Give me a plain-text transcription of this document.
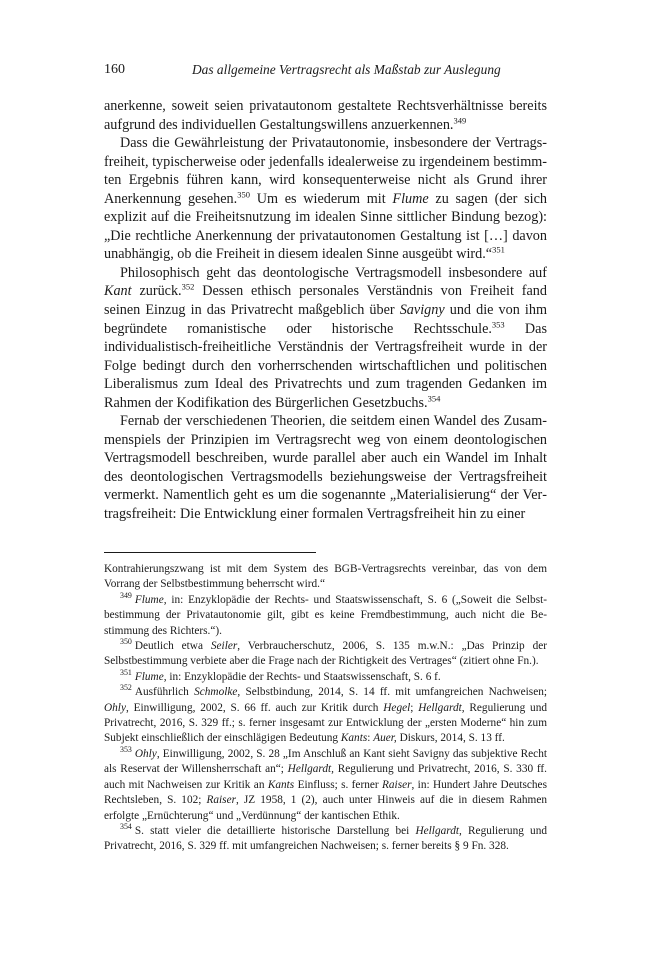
160	Das allgemeine Vertragsrecht als Maßstab zur Auslegung

anerkenne, soweit seien privatautonom gestaltete Rechtsverhältnisse bereits aufgrund des individuellen Gestaltungswillens anzuerkennen.$^{349}$

Dass die Gewährleistung der Privatautonomie, insbesondere der Vertragsfreiheit, typischerweise oder jedenfalls idealerweise zu irgendeinem bestimmten Ergebnis führen kann, wird konsequenterweise nicht als Grund ihrer Anerkennung gesehen.$^{350}$ Um es wiederum mit Flume zu sagen (der sich explizit auf die Freiheitsnutzung im idealen Sinne sittlicher Bindung bezog): „Die rechtliche Anerkennung der privatautonomen Gestaltung ist […] davon unabhängig, ob die Freiheit in diesem idealen Sinne ausgeübt wird.“$^{351}$

Philosophisch geht das deontologische Vertragsmodell insbesondere auf Kant zurück.$^{352}$ Dessen ethisch personales Verständnis von Freiheit fand seinen Einzug in das Privatrecht maßgeblich über Savigny und die von ihm begründete romanistische oder historische Rechtsschule.$^{353}$ Das individualistisch-freiheitliche Verständnis der Vertragsfreiheit wurde in der Folge bedingt durch den vorherrschenden wirtschaftlichen und politischen Liberalismus zum Ideal des Privatrechts und zum tragenden Gedanken im Rahmen der Kodifikation des Bürgerlichen Gesetzbuchs.$^{354}$

Fernab der verschiedenen Theorien, die seitdem einen Wandel des Zusammenspiels der Prinzipien im Vertragsrecht weg von einem deontologischen Vertragsmodell beschreiben, wurde parallel aber auch ein Wandel im Inhalt des deontologischen Vertragsmodells beziehungsweise der Vertragsfreiheit vermerkt. Namentlich geht es um die sogenannte „Materialisierung“ der Vertragsfreiheit: Die Entwicklung einer formalen Vertragsfreiheit hin zu einer

Kontrahierungszwang ist mit dem System des BGB-Vertragsrechts vereinbar, das von dem Vorrang der Selbstbestimmung beherrscht wird.“

$^{349}$ Flume, in: Enzyklopädie der Rechts- und Staatswissenschaft, S. 6 („Soweit die Selbstbestimmung der Privatautonomie gilt, gibt es keine Fremdbestimmung, auch nicht die Bestimmung des Richters.“).

$^{350}$ Deutlich etwa Seiler, Verbraucherschutz, 2006, S. 135 m.w.N.: „Das Prinzip der Selbstbestimmung verbiete aber die Frage nach der Richtigkeit des Vertrages“ (zitiert ohne Fn.).

$^{351}$ Flume, in: Enzyklopädie der Rechts- und Staatswissenschaft, S. 6 f.

$^{352}$ Ausführlich Schmolke, Selbstbindung, 2014, S. 14 ff. mit umfangreichen Nachweisen; Ohly, Einwilligung, 2002, S. 66 ff. auch zur Kritik durch Hegel; Hellgardt, Regulierung und Privatrecht, 2016, S. 329 ff.; s. ferner insgesamt zur Entwicklung der „ersten Moderne“ hin zum Subjekt einschließlich der einschlägigen Bedeutung Kants: Auer, Diskurs, 2014, S. 13 ff.

$^{353}$ Ohly, Einwilligung, 2002, S. 28 „Im Anschluß an Kant sieht Savigny das subjektive Recht als Reservat der Willensherrschaft an“; Hellgardt, Regulierung und Privatrecht, 2016, S. 330 ff. auch mit Nachweisen zur Kritik an Kants Einfluss; s. ferner Raiser, in: Hundert Jahre Deutsches Rechtsleben, S. 102; Raiser, JZ 1958, 1 (2), auch unter Hinweis auf die in diesem Rahmen erfolgte „Ernüchterung“ und „Verdünnung“ der kantischen Ethik.

$^{354}$ S. statt vieler die detaillierte historische Darstellung bei Hellgardt, Regulierung und Privatrecht, 2016, S. 329 ff. mit umfangreichen Nachweisen; s. ferner bereits § 9 Fn. 328.
